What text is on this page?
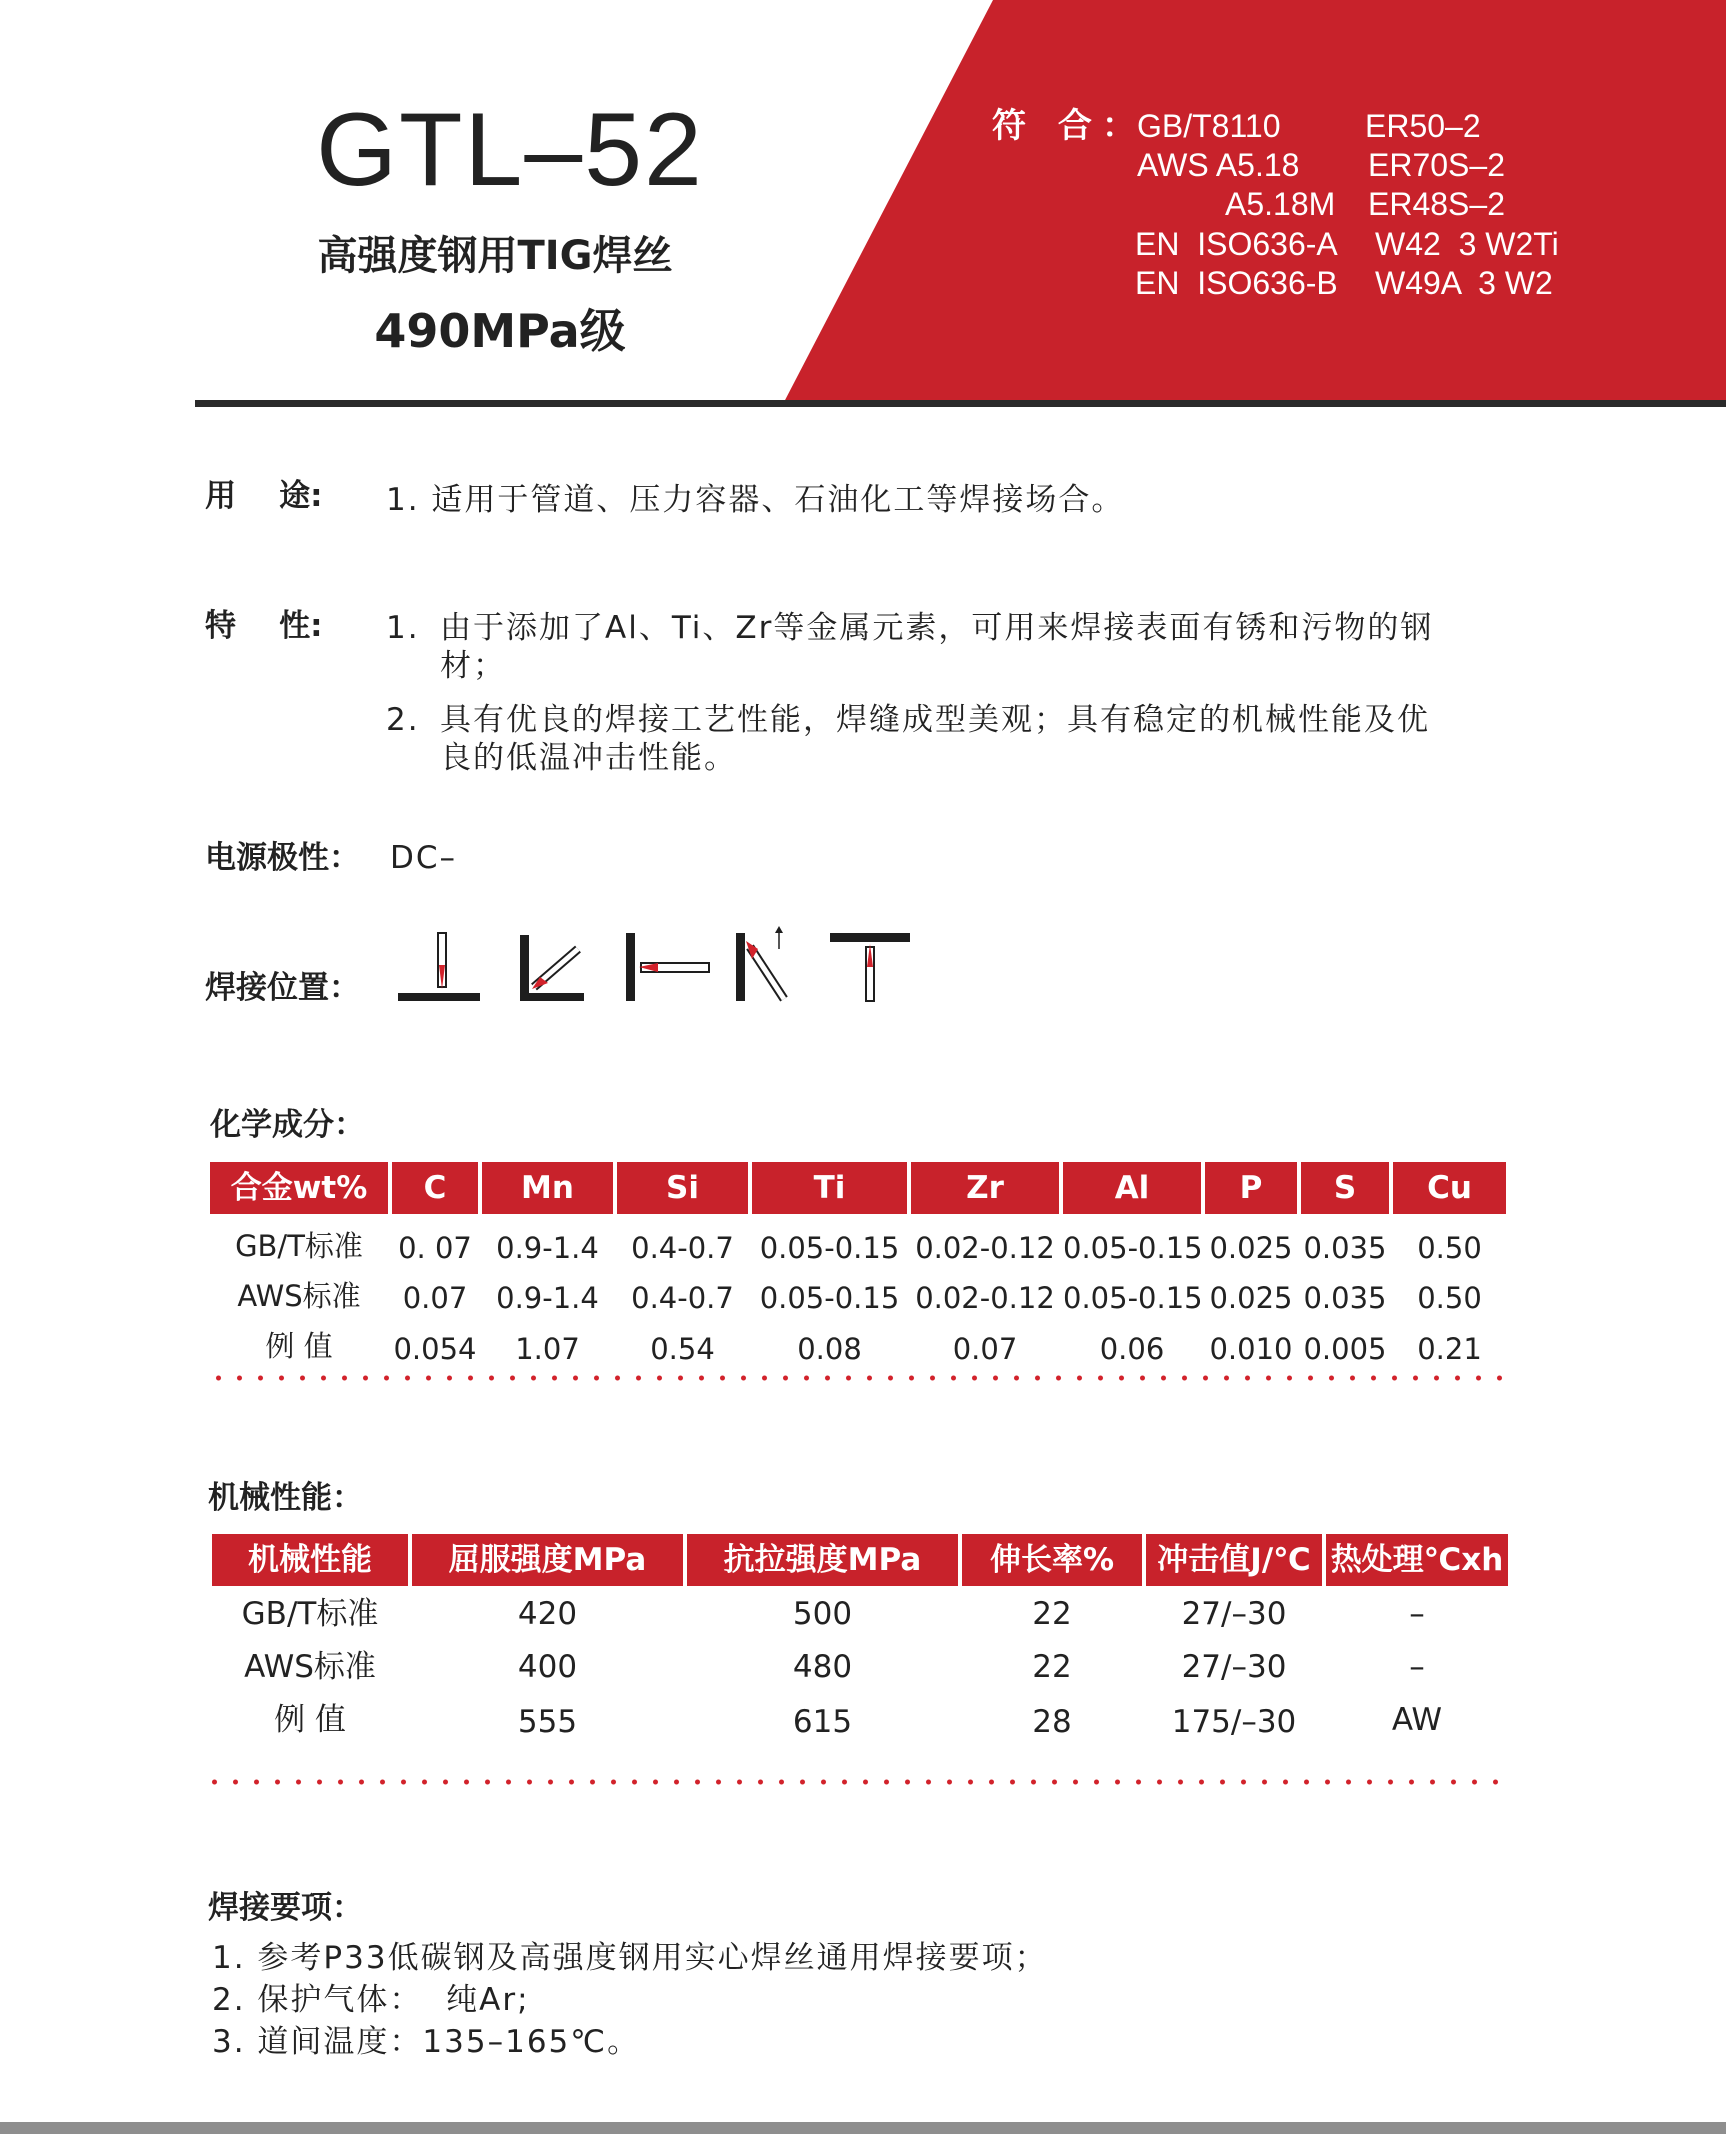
GTL–52
高强度钢用TIG焊丝
490MPa级
符 合：
GB/T8110	ER50–2
AWS A5.18 ER70S–2
A5.18M ER48S–2
EN  ISO636-A W42  3 W2Ti
EN  ISO636-B W49A  3 W2
用    途: 1. 适用于管道、压力容器、石油化工等焊接场合。
特    性: 1. 由于添加了Al、Ti、Zr等金属元素，可用来焊接表面有锈和污物的钢
材；
2. 具有优良的焊接工艺性能，焊缝成型美观；具有稳定的机械性能及优
良的低温冲击性能。
电源极性： DC–
焊接位置：
化学成分：
合金wt%	C	Mn	Si	Ti	Zr	Al	P	S	Cu
GB/T标准	0. 07 0.9-1.4	0.4-0.7 0.05-0.15 0.02-0.12 0.05-0.15 0.025 0.035	0.50
AWS标准	0.07 0.9-1.4	0.4-0.7 0.05-0.15 0.02-0.12 0.05-0.15 0.025 0.035	0.50
例 值	0.054	1.07	0.54	0.08	0.07	0.06	0.010 0.005	0.21
机械性能：
机械性能	屈服强度MPa	抗拉强度MPa	伸长率%	冲击值J/℃ 热处理℃xh
GB/T标准	420	500	22	27/–30	–
AWS标准	400	480	22	27/–30	–
例 值	555	615	28	175/–30	AW
焊接要项：
1. 参考P33低碳钢及高强度钢用实心焊丝通用焊接要项；
2. 保护气体：  纯Ar;
3. 道间温度：135–165℃。
